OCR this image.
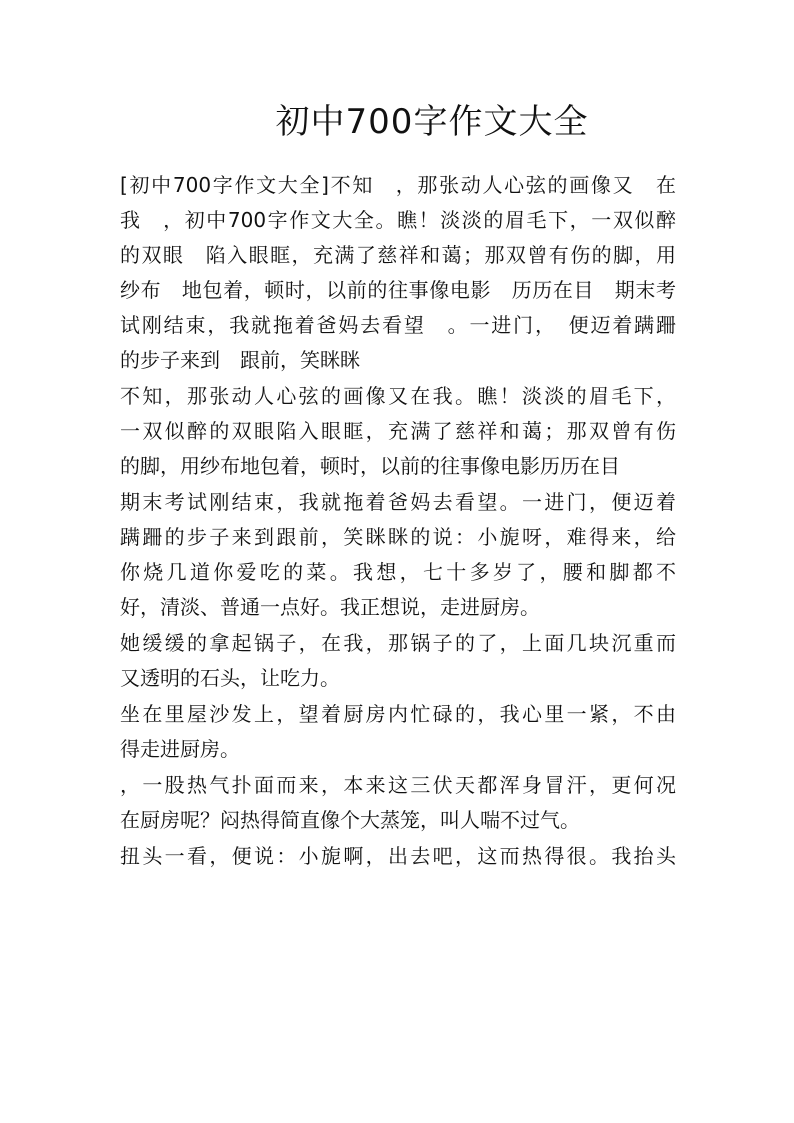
初中700字作文大全
[初中700字作文大全]不知　，那张动人心弦的画像又　在
我　，初中700字作文大全。瞧！淡淡的眉毛下，一双似醉
的双眼　陷入眼眶，充满了慈祥和蔼；那双曾有伤的脚，用
纱布　地包着，顿时，以前的往事像电影　历历在目　期末考
试刚结束，我就拖着爸妈去看望　。一进门，　便迈着蹒跚
的步子来到　跟前，笑眯眯
不知，那张动人心弦的画像又在我。瞧！淡淡的眉毛下，
一双似醉的双眼陷入眼眶，充满了慈祥和蔼；那双曾有伤
的脚，用纱布地包着，顿时，以前的往事像电影历历在目
期末考试刚结束，我就拖着爸妈去看望。一进门，便迈着
蹒跚的步子来到跟前，笑眯眯的说：小旎呀，难得来，给
你烧几道你爱吃的菜。我想，七十多岁了，腰和脚都不
好，清淡、普通一点好。我正想说，走进厨房。
她缓缓的拿起锅子，在我，那锅子的了，上面几块沉重而
又透明的石头，让吃力。
坐在里屋沙发上，望着厨房内忙碌的，我心里一紧，不由
得走进厨房。
，一股热气扑面而来，本来这三伏天都浑身冒汗，更何况
在厨房呢？闷热得简直像个大蒸笼，叫人喘不过气。
扭头一看，便说：小旎啊，出去吧，这而热得很。我抬头
